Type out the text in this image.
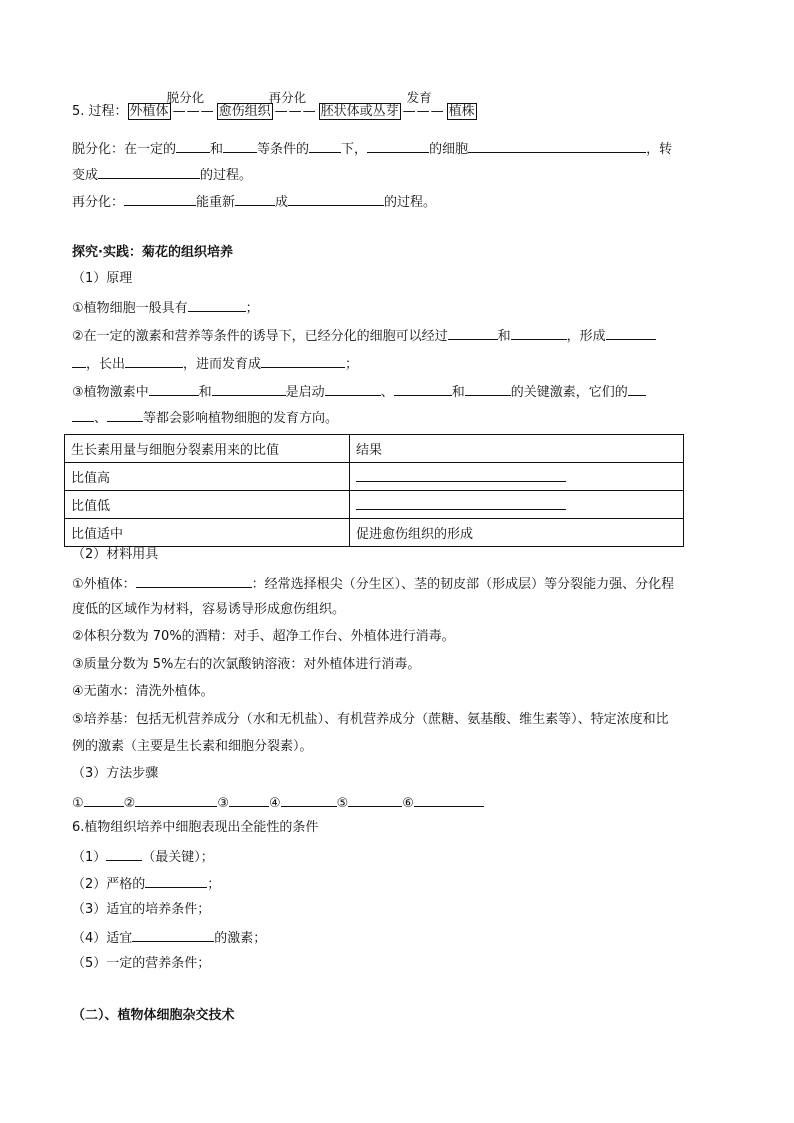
5. 过程： 外植体
脱分化
——— 愈伤组织
再分化
——— 胚状体或丛芽
发育
——— 植株
脱分化：在一定的	和	等条件的 下，	的细胞	，转
变成	的过程。
再分化：	能重新	成	的过程。
探究·实践：菊花的组织培养
（1）原理
①植物细胞一般具有	；
②在一定的激素和营养等条件的诱导下，已经分化的细胞可以经过	和	，形成
，长出	，进而发育成	；
③植物激素中	和	是启动	、	和	的关键激素，它们的
、	等都会影响植物细胞的发育方向。
生长素用量与细胞分裂素用来的比值	结果
比值高	
比值低	
比值适中	促进愈伤组织的形成
（2）材料用具
①外植体：	：经常选择根尖（分生区）、茎的韧皮部（形成层）等分裂能力强、分化程
度低的区域作为材料，容易诱导形成愈伤组织。
②体积分数为 70%的酒精：对手、超净工作台、外植体进行消毒。
③质量分数为 5%左右的次氯酸钠溶液：对外植体进行消毒。
④无菌水：清洗外植体。
⑤培养基：包括无机营养成分（水和无机盐）、有机营养成分（蔗糖、氨基酸、维生素等）、特定浓度和比
例的激素（主要是生长素和细胞分裂素）。
（3）方法步骤
①	②	③	④	⑤	⑥
6.植物组织培养中细胞表现出全能性的条件
（1）	（最关键）；
（2）严格的	；
（3）适宜的培养条件；
（4）适宜	的激素；
（5）一定的营养条件；
（二）、植物体细胞杂交技术
